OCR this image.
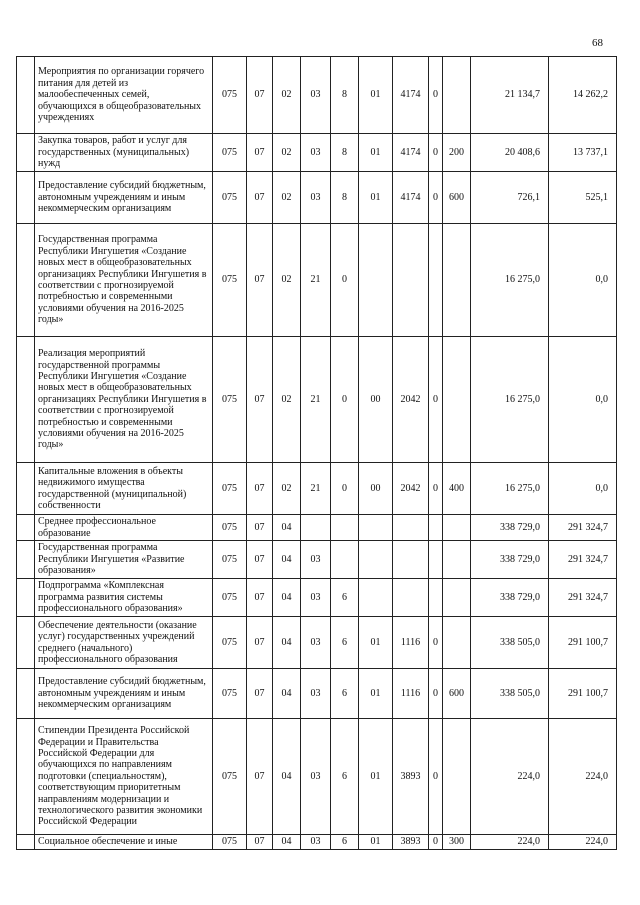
68
	Мероприятия по организации горячего питания для детей из малообеспеченных семей, обучающихся в общеобразовательных учреждениях	075	07	02	03	8	01	4174	0		21 134,7	14 262,2
	Закупка товаров, работ и услуг для государственных (муниципальных) нужд	075	07	02	03	8	01	4174	0	200	20 408,6	13 737,1
	Предоставление субсидий бюджетным, автономным учреждениям и иным некоммерческим организациям	075	07	02	03	8	01	4174	0	600	726,1	525,1
	Государственная программа Республики Ингушетия «Создание новых мест в общеобразовательных организациях Республики Ингушетия в соответствии с прогнозируемой потребностью и современными условиями обучения на 2016-2025 годы»	075	07	02	21	0					16 275,0	0,0
	Реализация мероприятий государственной программы Республики Ингушетия «Создание новых мест в общеобразовательных организациях Республики Ингушетия в соответствии с прогнозируемой потребностью и современными условиями обучения на 2016-2025 годы»	075	07	02	21	0	00	2042	0		16 275,0	0,0
	Капитальные вложения в объекты недвижимого имущества государственной (муниципальной) собственности	075	07	02	21	0	00	2042	0	400	16 275,0	0,0
	Среднее профессиональное образование	075	07	04							338 729,0	291 324,7
	Государственная программа Республики Ингушетия «Развитие образования»	075	07	04	03						338 729,0	291 324,7
	Подпрограмма «Комплексная программа развития системы профессионального образования»	075	07	04	03	6					338 729,0	291 324,7
	Обеспечение деятельности (оказание услуг) государственных учреждений среднего (начального) профессионального образования	075	07	04	03	6	01	1116	0		338 505,0	291 100,7
	Предоставление субсидий бюджетным, автономным учреждениям и иным некоммерческим организациям	075	07	04	03	6	01	1116	0	600	338 505,0	291 100,7
	Стипендии Президента Российской Федерации и Правительства Российской Федерации для обучающихся по направлениям подготовки (специальностям), соответствующим приоритетным направлениям модернизации и технологического развития экономики Российской Федерации	075	07	04	03	6	01	3893	0		224,0	224,0
	Социальное обеспечение и иные	075	07	04	03	6	01	3893	0	300	224,0	224,0
